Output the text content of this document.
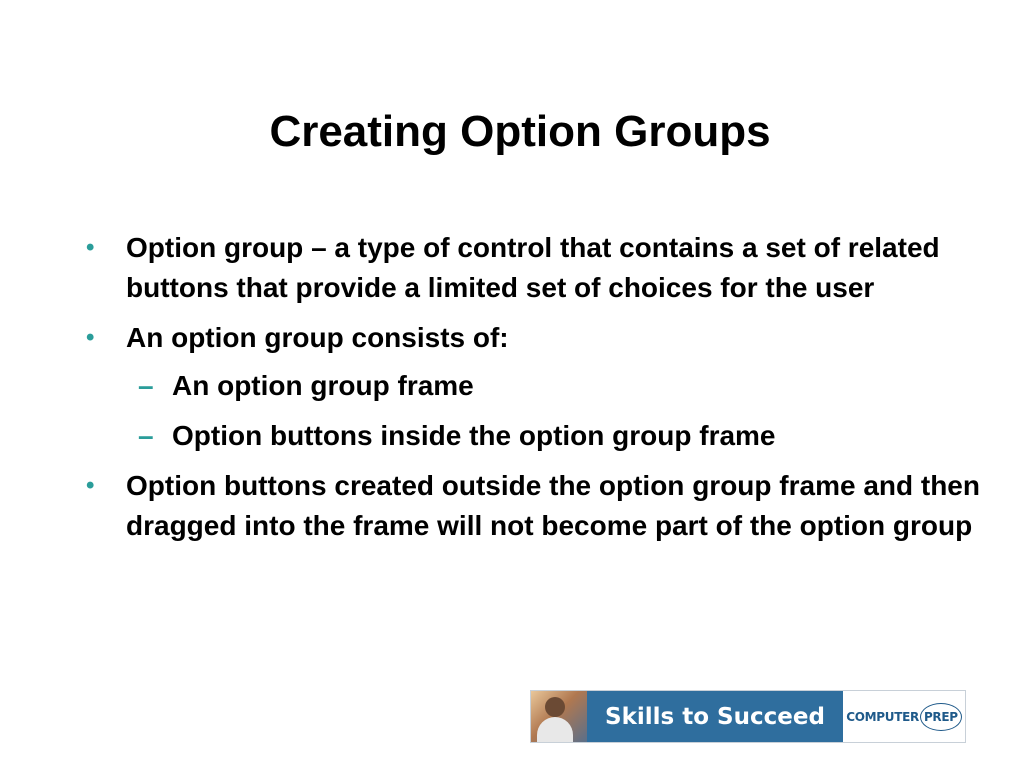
Creating Option Groups
•	Option group – a type of control that contains a set of related buttons that provide a limited set of choices for the user
•	An option group consists of:
– An option group frame
– Option buttons inside the option group frame
•	Option buttons created outside the option group frame and then dragged into the frame will not become part of the option group
Skills to Succeed	COMPUTER PREP
